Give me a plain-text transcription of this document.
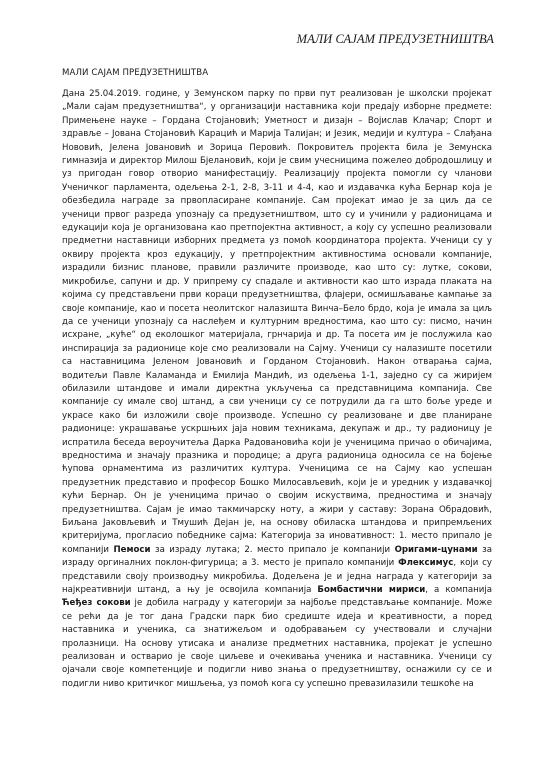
МАЛИ САЈАМ ПРЕДУЗЕТНИШТВА
МАЛИ САЈАМ ПРЕДУЗЕТНИШТВА
Дана 25.04.2019. године, у Земунском парку по први пут реализован је школски пројекат „Мали сајам предузетништва“, у организацији наставника који предају изборне предмете: Примењене науке – Гордана Стојановић; Уметност и дизајн – Војислав Клачар; Спорт и здравље – Јована Стојановић Карацић и Марија Талијан; и Језик, медији и култура – Слађана Нововић, Јелена Јовановић и Зорица Перовић. Покровитељ пројекта била је Земунска гимназија и директор Милош Бјелановић, који је свим учесницима пожелео добродошлицу и уз пригодан говор отворио манифестацију. Реализацију пројекта помогли су чланови Ученичког парламента, одељења 2-1, 2-8, 3-11 и 4-4, као и издавачка кућа Бернар која је обезбедила награде за првопласиране компаније. Сам пројекат имао је за циљ да се ученици првог разреда упознају са предузетништвом, што су и учинили у радионицама и едукацији која је организована као претпојектна активност, а коју су успешно реализовали предметни наставници изборних предмета уз помоћ координатора пројекта. Ученици су у оквиру пројекта кроз едукацију, у претпројектним активностима основали компаније, израдили бизнис планове, правили различите производе, као што су: лутке, сокови, микробиље, сапуни и др. У припрему су спадале и активности као што израда плаката на којима су представљени први кораци предузетништва, флајери, осмишљавање кампање за своје компаније, као и посета неолитског налазишта Винча–Бело брдо, која је имала за циљ да се ученици упознају са наслеђем и културним вредностима, као што су: писмо, начин исхране, „куће“ од еколошког материјала, грнчарија и др. Та посета им је послужила као инспирација за радионице које смо реализовали на Сајму. Ученици су налазиште посетили са наставницима Јеленом Јовановић и Горданом Стојановић. Након отварања сајма, водитељи Павле Каламанда и Емилија Мандић, из одељења 1-1, заједно су са жиријем обилазили штандове и имали директна укључења са представницима компанија. Све компаније су имале свој штанд, а сви ученици су се потрудили да га што боље уреде и украсе како би изложили своје производе. Успешно су реализоване и две планиране радионице: украшавање ускршњих јаја новим техникама, декупаж и др., ту радионицу је испратила беседа вероучитеља Дарка Радовановића који је ученицима причао о обичајима, вредностима и значају празника и породице; а друга радионица односила се на бојење ћупова орнаментима из различитих култура. Ученицима се на Сајму као успешан предузетник представио и професор Бошко Милосављевић, који је и уредник у издавачкој кући Бернар. Он је ученицима причао о својим искуствима, предностима и значају предузетништва. Сајам је имао такмичарску ноту, а жири у саставу: Зорана Обрадовић, Биљана Јаковљевић и Тмушић Дејан је, на основу обиласка штандова и припремљених критеријума, прогласио победнике сајма: Категорија за иновативност: 1. место припало је компанији Пемоси за израду лутака; 2. место припало је компанији Оригами-цунами за израду оргиналних поклон-фигурица; а 3. место је припало компанији Флексимус, који су представили своју производњу микробиља. Додељена је и једна награда у категорији за најкреативнији штанд, а њу је освојила компанија Бомбастични мириси, а компанија Ћеђез сокови је добила награду у категорији за најбоље представљање компаније. Може се рећи да је тог дана Градски парк био средиште идеја и креативности, а поред наставника и ученика, са знатижељом и одобравањем су учествовали и случајни пролазници. На основу утисака и анализе предметних наставника, пројекат је успешно реализован и остварио је своје циљеве и очекивања ученика и наставника. Ученици су ојачали своје компетенције и подигли ниво знања о предузетништву, оснажили су се и подигли ниво критичког мишљења, уз помоћ кога су успешно превазилазили тешкоће на
